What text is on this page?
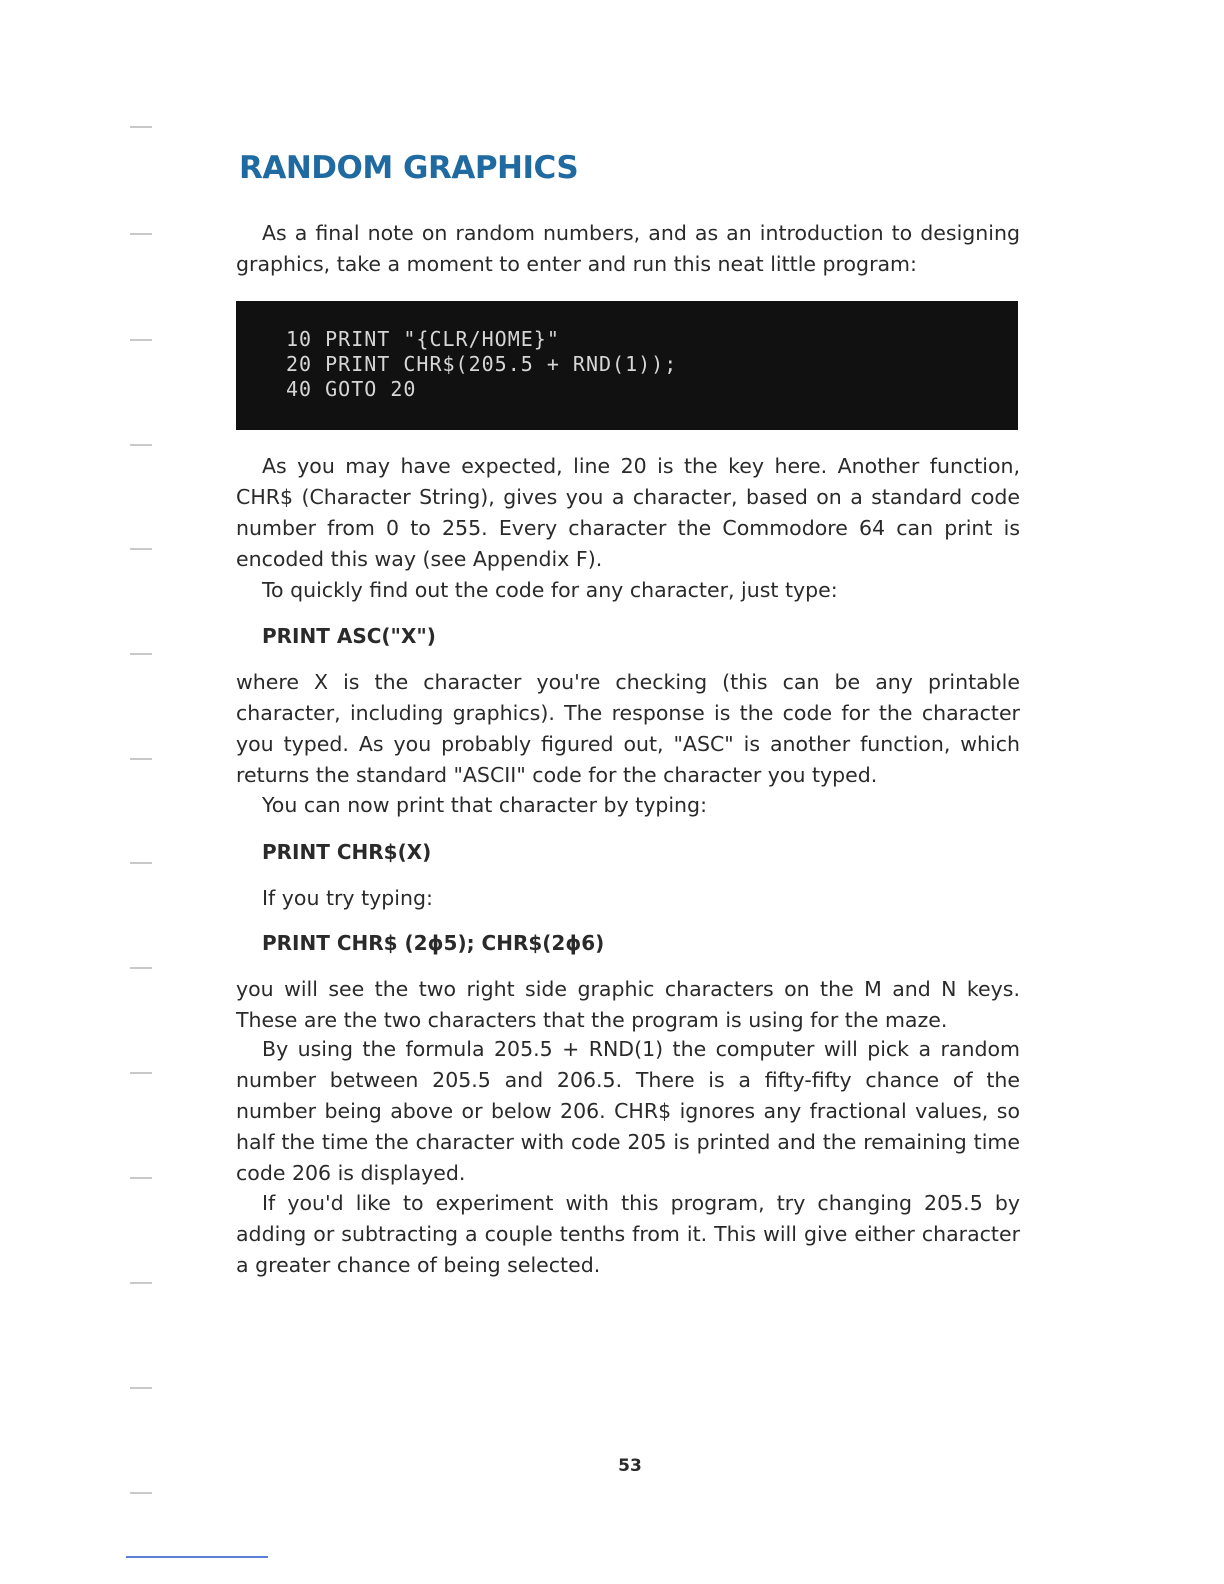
RANDOM GRAPHICS

As a final note on random numbers, and as an introduction to designing graphics, take a moment to enter and run this neat little program:

10 PRINT "{CLR/HOME}"
20 PRINT CHR$(205.5 + RND(1));
40 GOTO 20

As you may have expected, line 20 is the key here. Another function, CHR$ (Character String), gives you a character, based on a standard code number from 0 to 255. Every character the Commodore 64 can print is encoded this way (see Appendix F).

To quickly find out the code for any character, just type:

PRINT ASC("X")

where X is the character you're checking (this can be any printable character, including graphics). The response is the code for the character you typed. As you probably figured out, "ASC" is another function, which returns the standard "ASCII" code for the character you typed.

You can now print that character by typing:

PRINT CHR$(X)

If you try typing:

PRINT CHR$ (2ϕ5); CHR$(2ϕ6)

you will see the two right side graphic characters on the M and N keys. These are the two characters that the program is using for the maze.

By using the formula 205.5 + RND(1) the computer will pick a random number between 205.5 and 206.5. There is a fifty-fifty chance of the number being above or below 206. CHR$ ignores any fractional values, so half the time the character with code 205 is printed and the remaining time code 206 is displayed.

If you'd like to experiment with this program, try changing 205.5 by adding or subtracting a couple tenths from it. This will give either character a greater chance of being selected.

53
